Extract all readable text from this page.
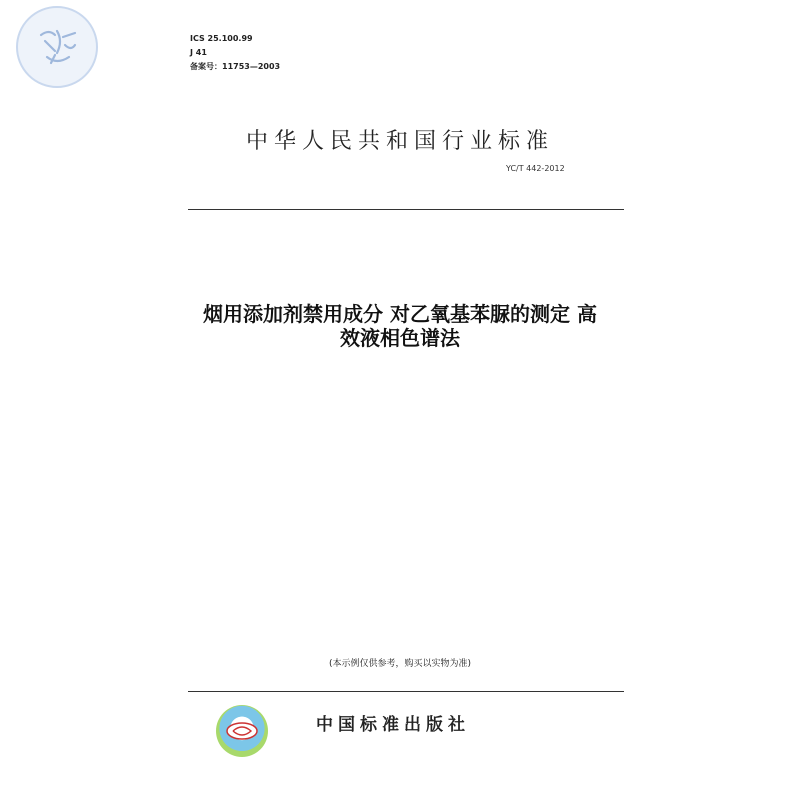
ICS 25.100.99
J 41
备案号：11753—2003
中华人民共和国行业标准
YC/T 442-2012
烟用添加剂禁用成分 对乙氧基苯脲的测定 高
效液相色谱法
(本示例仅供参考，购买以实物为准)
中国标准出版社
